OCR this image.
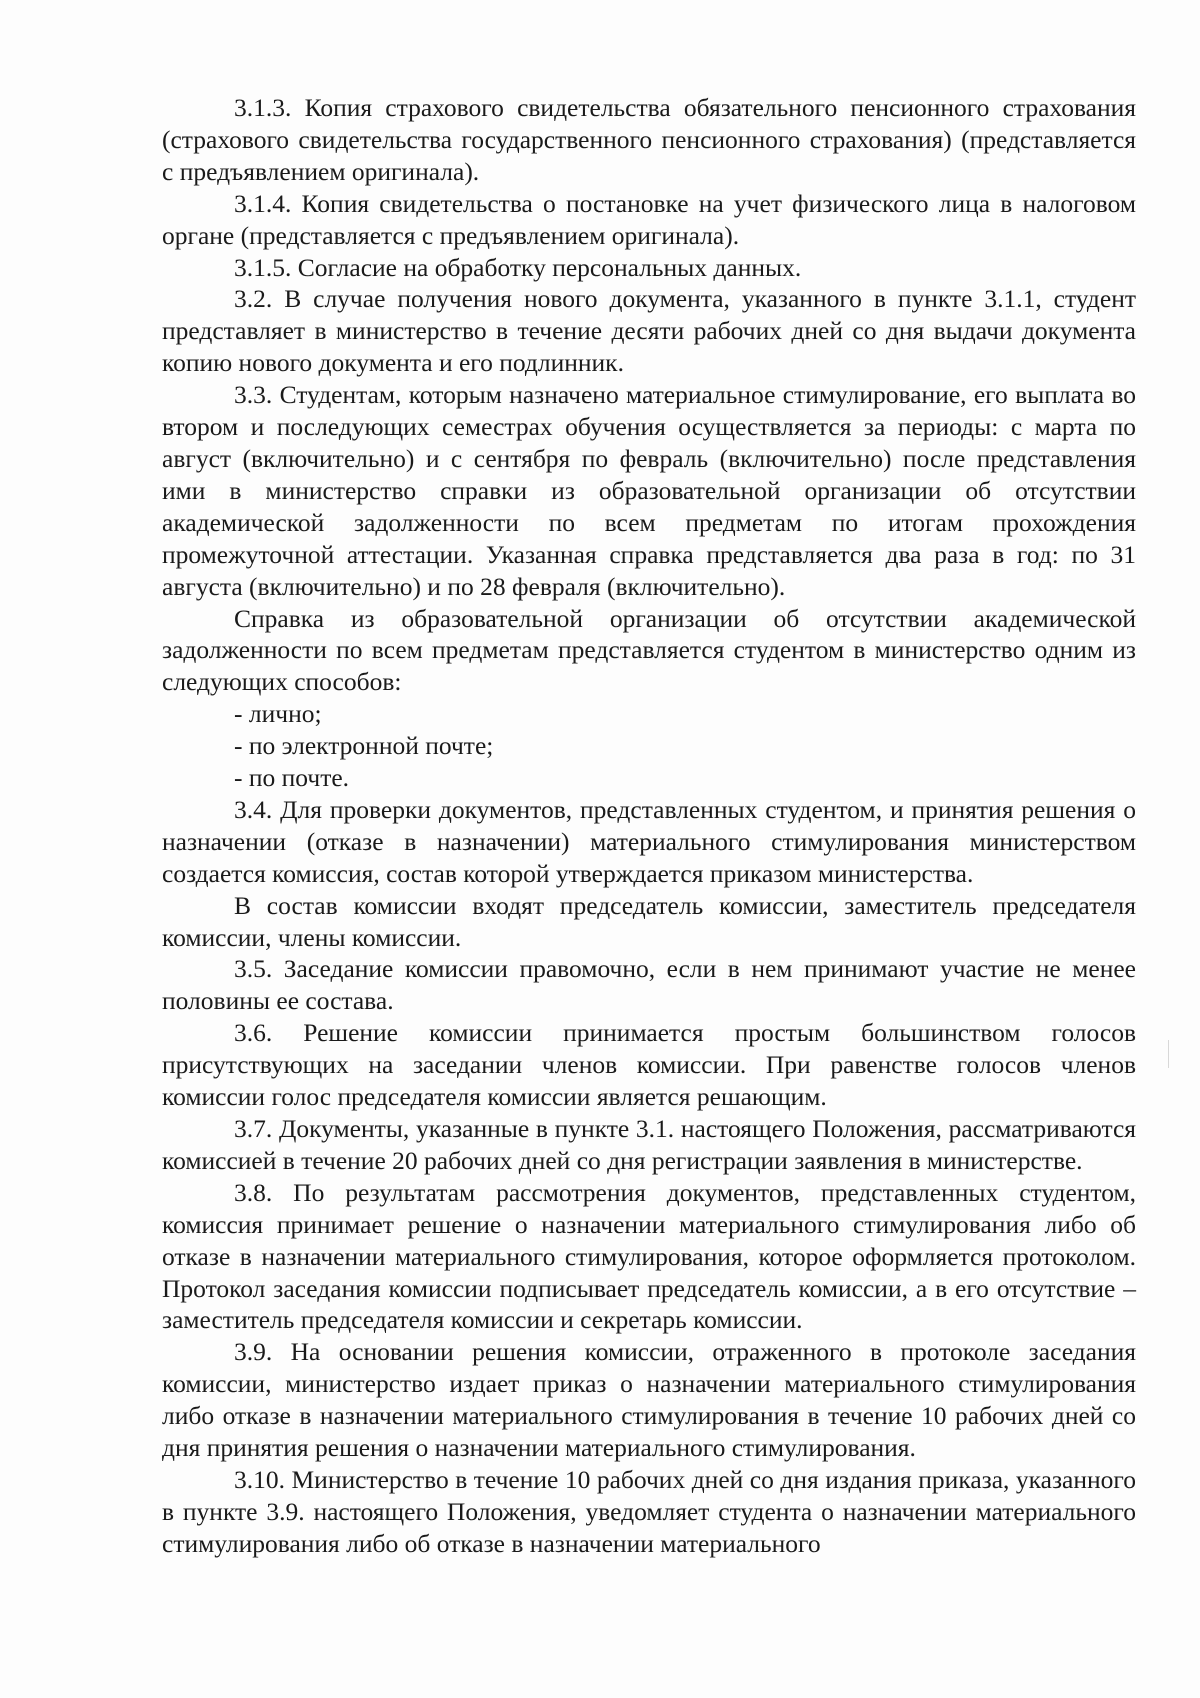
3.1.3. Копия страхового свидетельства обязательного пенсионного страхования (страхового свидетельства государственного пенсионного страхования) (представляется с предъявлением оригинала).

3.1.4. Копия свидетельства о постановке на учет физического лица в налоговом органе (представляется с предъявлением оригинала).

3.1.5. Согласие на обработку персональных данных.

3.2. В случае получения нового документа, указанного в пункте 3.1.1, студент представляет в министерство в течение десяти рабочих дней со дня выдачи документа копию нового документа и его подлинник.

3.3. Студентам, которым назначено материальное стимулирование, его выплата во втором и последующих семестрах обучения осуществляется за периоды: с марта по август (включительно) и с сентября по февраль (включительно) после представления ими в министерство справки из образовательной организации об отсутствии академической задолженности по всем предметам по итогам прохождения промежуточной аттестации. Указанная справка представляется два раза в год: по 31 августа (включительно) и по 28 февраля (включительно).

Справка из образовательной организации об отсутствии академической задолженности по всем предметам представляется студентом в министерство одним из следующих способов:

- лично;

- по электронной почте;

- по почте.

3.4. Для проверки документов, представленных студентом, и принятия решения о назначении (отказе в назначении) материального стимулирования министерством создается комиссия, состав которой утверждается приказом министерства.

В состав комиссии входят председатель комиссии, заместитель председателя комиссии, члены комиссии.

3.5. Заседание комиссии правомочно, если в нем принимают участие не менее половины ее состава.

3.6. Решение комиссии принимается простым большинством голосов присутствующих на заседании членов комиссии. При равенстве голосов членов комиссии голос председателя комиссии является решающим.

3.7. Документы, указанные в пункте 3.1. настоящего Положения, рассматриваются комиссией в течение 20 рабочих дней со дня регистрации заявления в министерстве.

3.8. По результатам рассмотрения документов, представленных студентом, комиссия принимает решение о назначении материального стимулирования либо об отказе в назначении материального стимулирования, которое оформляется протоколом. Протокол заседания комиссии подписывает председатель комиссии, а в его отсутствие – заместитель председателя комиссии и секретарь комиссии.

3.9. На основании решения комиссии, отраженного в протоколе заседания комиссии, министерство издает приказ о назначении материального стимулирования либо отказе в назначении материального стимулирования в течение 10 рабочих дней со дня принятия решения о назначении материального стимулирования.

3.10. Министерство в течение 10 рабочих дней со дня издания приказа, указанного в пункте 3.9. настоящего Положения, уведомляет студента о назначении материального стимулирования либо об отказе в назначении материального
